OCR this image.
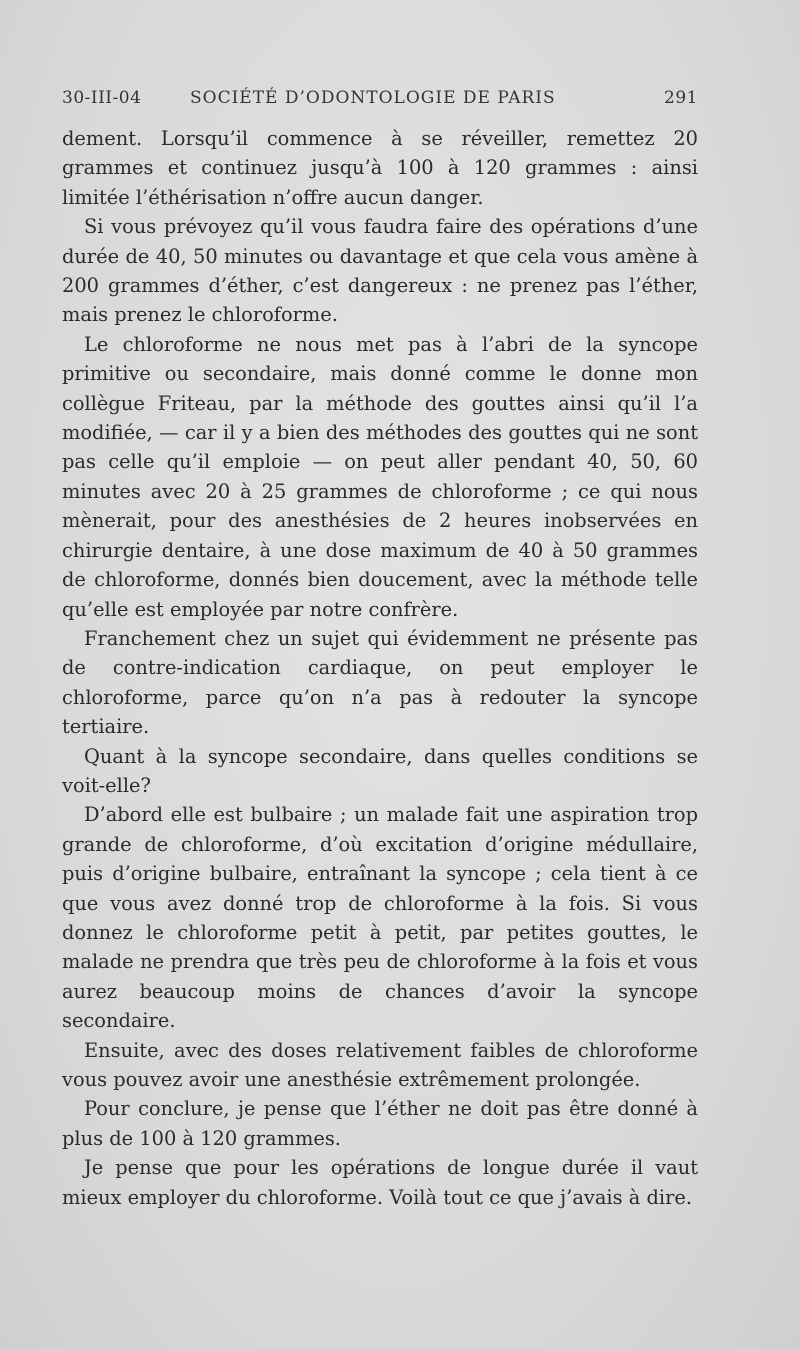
30-III-04	SOCIÉTÉ D’ODONTOLOGIE DE PARIS	291

dement. Lorsqu’il commence à se réveiller, remettez 20 grammes et continuez jusqu’à 100 à 120 grammes : ainsi limitée l’éthérisation n’offre aucun danger.

Si vous prévoyez qu’il vous faudra faire des opérations d’une durée de 40, 50 minutes ou davantage et que cela vous amène à 200 grammes d’éther, c’est dangereux : ne prenez pas l’éther, mais prenez le chloroforme.

Le chloroforme ne nous met pas à l’abri de la syncope primitive ou secondaire, mais donné comme le donne mon collègue Friteau, par la méthode des gouttes ainsi qu’il l’a modifiée, — car il y a bien des méthodes des gouttes qui ne sont pas celle qu’il emploie — on peut aller pendant 40, 50, 60 minutes avec 20 à 25 grammes de chloroforme ; ce qui nous mènerait, pour des anesthésies de 2 heures inobservées en chirurgie dentaire, à une dose maximum de 40 à 50 grammes de chloroforme, donnés bien doucement, avec la méthode telle qu’elle est employée par notre confrère.

Franchement chez un sujet qui évidemment ne présente pas de contre-indication cardiaque, on peut employer le chloroforme, parce qu’on n’a pas à redouter la syncope tertiaire.

Quant à la syncope secondaire, dans quelles conditions se voit-elle?

D’abord elle est bulbaire ; un malade fait une aspiration trop grande de chloroforme, d’où excitation d’origine médullaire, puis d’origine bulbaire, entraînant la syncope ; cela tient à ce que vous avez donné trop de chloroforme à la fois. Si vous donnez le chloroforme petit à petit, par petites gouttes, le malade ne prendra que très peu de chloroforme à la fois et vous aurez beaucoup moins de chances d’avoir la syncope secondaire.

Ensuite, avec des doses relativement faibles de chloroforme vous pouvez avoir une anesthésie extrêmement prolongée.

Pour conclure, je pense que l’éther ne doit pas être donné à plus de 100 à 120 grammes.

Je pense que pour les opérations de longue durée il vaut mieux employer du chloroforme. Voilà tout ce que j’avais à dire.
